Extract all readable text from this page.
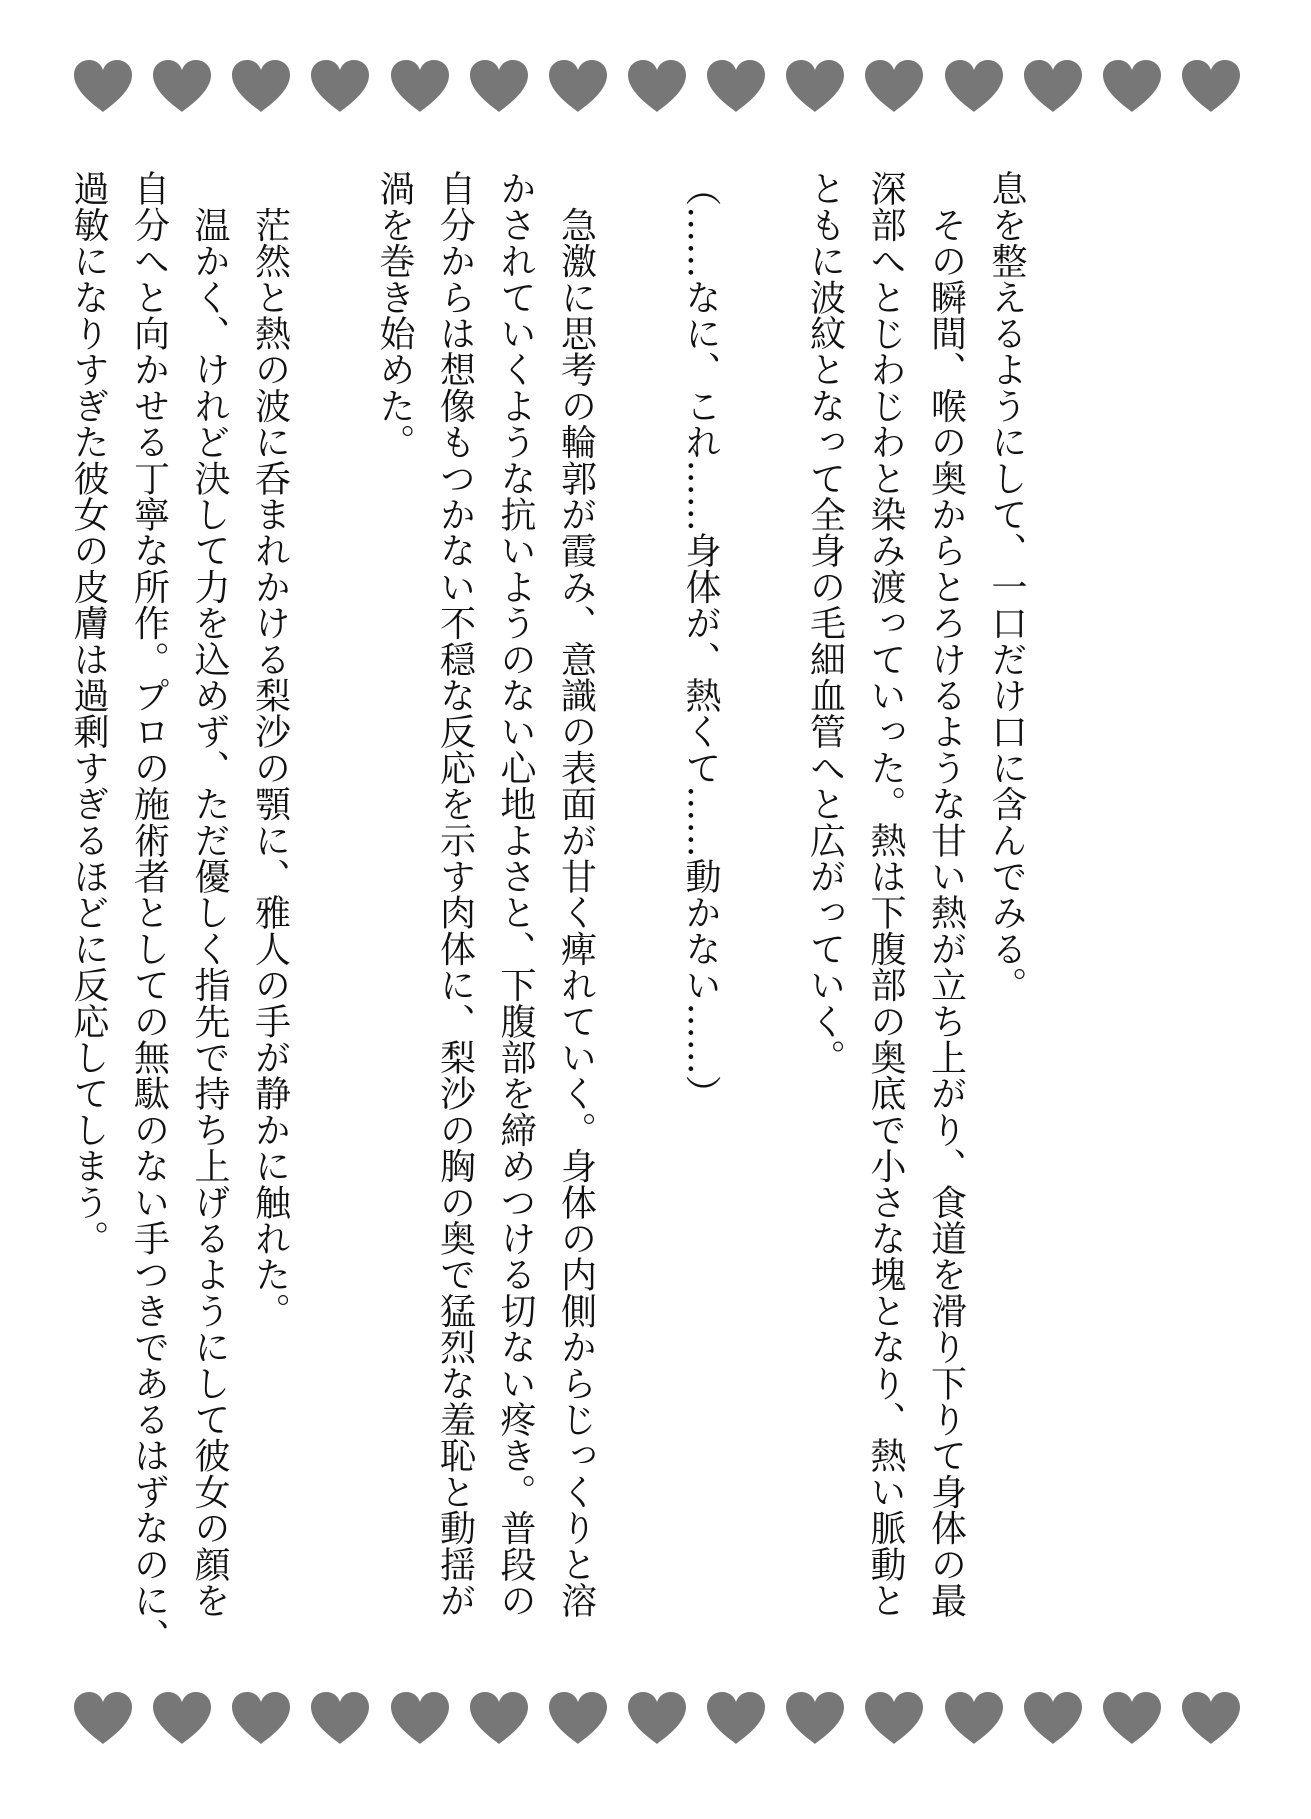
息を整えるようにして、一口だけ口に含んでみる。
　その瞬間、喉の奥からとろけるような甘い熱が立ち上がり、食道を滑り下りて身体の最
深部へとじわじわと染み渡っていった。熱は下腹部の奥底で小さな塊となり、熱い脈動と
ともに波紋となって全身の毛細血管へと広がっていく。

（……なに、これ……身体が、熱くて……動かない……）

　急激に思考の輪郭が霞み、意識の表面が甘く痺れていく。身体の内側からじっくりと溶
かされていくような抗いようのない心地よさと、下腹部を締めつける切ない疼き。普段の
自分からは想像もつかない不穏な反応を示す肉体に、梨沙の胸の奥で猛烈な羞恥と動揺が
渦を巻き始めた。

　茫然と熱の波に呑まれかける梨沙の顎に、雅人の手が静かに触れた。
　温かく、けれど決して力を込めず、ただ優しく指先で持ち上げるようにして彼女の顔を
自分へと向かせる丁寧な所作。プロの施術者としての無駄のない手つきであるはずなのに、
過敏になりすぎた彼女の皮膚は過剰すぎるほどに反応してしまう。
